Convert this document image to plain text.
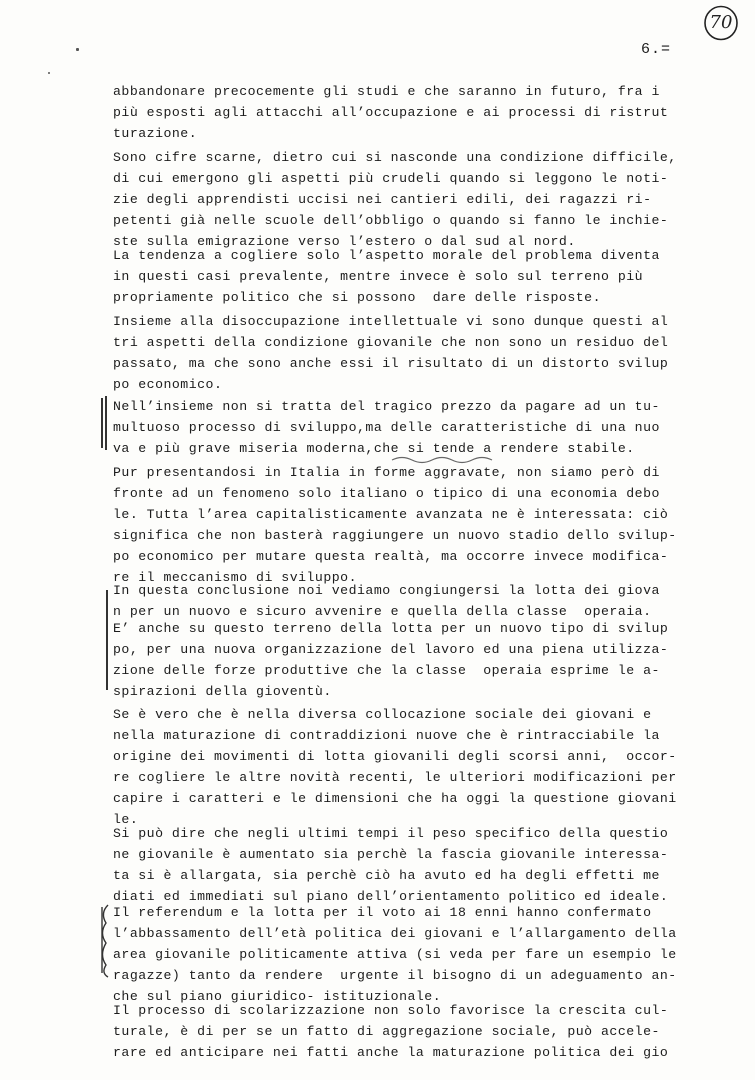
6.=
70
abbandonare precocemente gli studi e che saranno in futuro, fra i
più esposti agli attacchi all’occupazione e ai processi di ristrut
turazione.
Sono cifre scarne, dietro cui si nasconde una condizione difficile,
di cui emergono gli aspetti più crudeli quando si leggono le noti-
zie degli apprendisti uccisi nei cantieri edili, dei ragazzi ri-
petenti già nelle scuole dell’obbligo o quando si fanno le inchie-
ste sulla emigrazione verso l’estero o dal sud al nord.
La tendenza a cogliere solo l’aspetto morale del problema diventa
in questi casi prevalente, mentre invece è solo sul terreno più
propriamente politico che si possono  dare delle risposte.
Insieme alla disoccupazione intellettuale vi sono dunque questi al
tri aspetti della condizione giovanile che non sono un residuo del
passato, ma che sono anche essi il risultato di un distorto svilup
po economico.
Nell’insieme non si tratta del tragico prezzo da pagare ad un tu-
multuoso processo di sviluppo,ma delle caratteristiche di una nuo
va e più grave miseria moderna,che si tende a rendere stabile.
Pur presentandosi in Italia in forme aggravate, non siamo però di
fronte ad un fenomeno solo italiano o tipico di una economia debo
le. Tutta l’area capitalisticamente avanzata ne è interessata: ciò
significa che non basterà raggiungere un nuovo stadio dello svilup-
po economico per mutare questa realtà, ma occorre invece modifica-
re il meccanismo di sviluppo.
In questa conclusione noi vediamo congiungersi la lotta dei giova
n per un nuovo e sicuro avvenire e quella della classe  operaia.
E’ anche su questo terreno della lotta per un nuovo tipo di svilup
po, per una nuova organizzazione del lavoro ed una piena utilizza-
zione delle forze produttive che la classe  operaia esprime le a-
spirazioni della gioventù.
Se è vero che è nella diversa collocazione sociale dei giovani e
nella maturazione di contraddizioni nuove che è rintracciabile la
origine dei movimenti di lotta giovanili degli scorsi anni,  occor-
re cogliere le altre novità recenti, le ulteriori modificazioni per
capire i caratteri e le dimensioni che ha oggi la questione giovani
le.
Si può dire che negli ultimi tempi il peso specifico della questio
ne giovanile è aumentato sia perchè la fascia giovanile interessa-
ta si è allargata, sia perchè ciò ha avuto ed ha degli effetti me
diati ed immediati sul piano dell’orientamento politico ed ideale.
Il referendum e la lotta per il voto ai 18 enni hanno confermato
l’abbassamento dell’età politica dei giovani e l’allargamento della
area giovanile politicamente attiva (si veda per fare un esempio le
ragazze) tanto da rendere  urgente il bisogno di un adeguamento an-
che sul piano giuridico- istituzionale.
Il processo di scolarizzazione non solo favorisce la crescita cul-
turale, è di per se un fatto di aggregazione sociale, può accele-
rare ed anticipare nei fatti anche la maturazione politica dei gio
